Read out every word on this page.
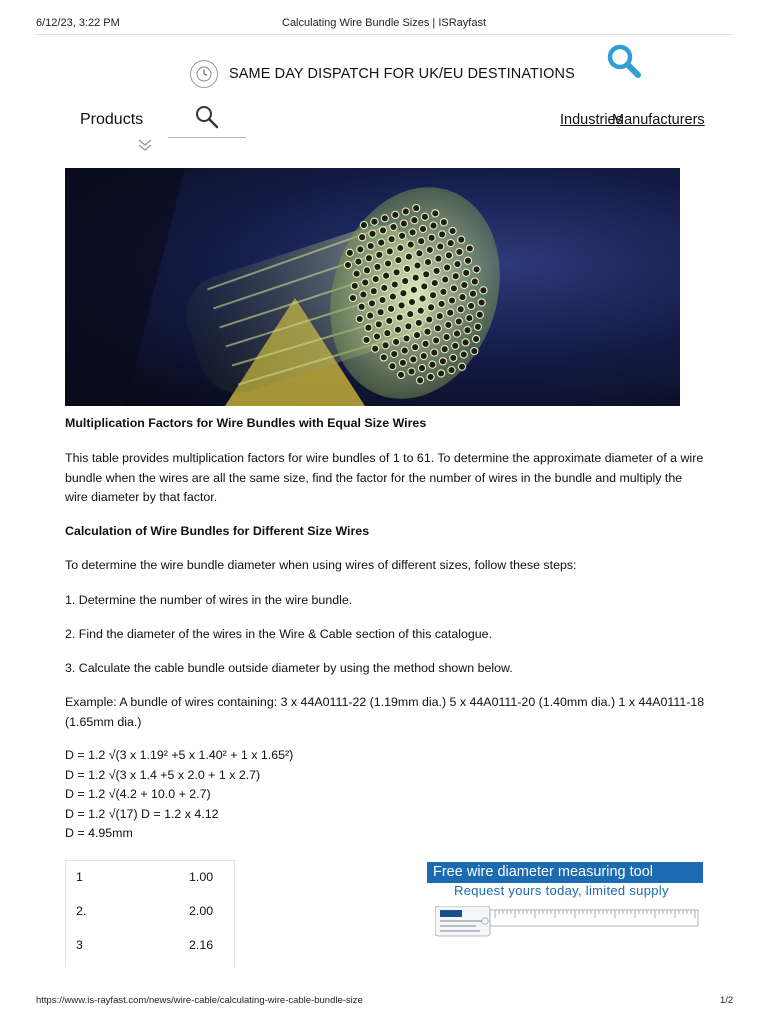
6/12/23, 3:22 PM	Calculating Wire Bundle Sizes | ISRayfast
SAME DAY DISPATCH FOR UK/EU DESTINATIONS
Products	Industries
Manufacturers

Multiplication Factors for Wire Bundles with Equal Size Wires

This table provides multiplication factors for wire bundles of 1 to 61. To determine the approximate diameter of a wire bundle when the wires are all the same size, find the factor for the number of wires in the bundle and multiply the wire diameter by that factor.

Calculation of Wire Bundles for Different Size Wires

To determine the wire bundle diameter when using wires of different sizes, follow these steps:

1. Determine the number of wires in the wire bundle.

2. Find the diameter of the wires in the Wire & Cable section of this catalogue.

3. Calculate the cable bundle outside diameter by using the method shown below.

Example: A bundle of wires containing: 3 x 44A0111-22 (1.19mm dia.) 5 x 44A0111-20 (1.40mm dia.) 1 x 44A0111-18 (1.65mm dia.)

D = 1.2 √(3 x 1.19² +5 x 1.40² + 1 x 1.65²)

D = 1.2 √(3 x 1.4 +5 x 2.0 + 1 x 2.7)

D = 1.2 √(4.2 + 10.0 + 2.7)

D = 1.2 √(17) D = 1.2 x 4.12

D = 4.95mm

1	1.00
2.	2.00
3	2.16
Free wire diameter measuring tool
Request yours today, limited supply
https://www.is-rayfast.com/news/wire-cable/calculating-wire-cable-bundle-size	1/2
